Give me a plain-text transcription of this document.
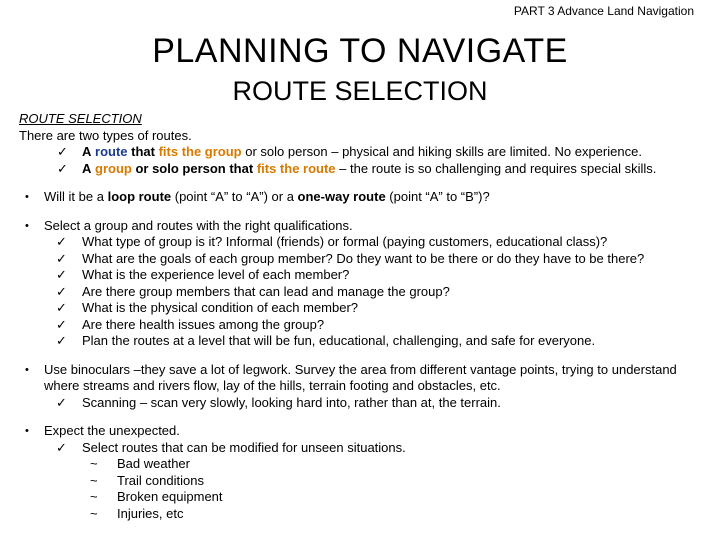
PART 3 Advance Land Navigation
PLANNING TO NAVIGATE
ROUTE SELECTION
ROUTE SELECTION
There are two types of routes.
✓ A route that fits the group or solo person – physical and hiking skills are limited. No experience.
✓ A group or solo person that fits the route – the route is so challenging and requires special skills.
• Will it be a loop route (point “A” to “A”) or a one-way route (point “A” to “B”)?
• Select a group and routes with the right qualifications.
✓ What type of group is it? Informal (friends) or formal (paying customers, educational class)?
✓ What are the goals of each group member? Do they want to be there or do they have to be there?
✓ What is the experience level of each member?
✓ Are there group members that can lead and manage the group?
✓ What is the physical condition of each member?
✓ Are there health issues among the group?
✓ Plan the routes at a level that will be fun, educational, challenging, and safe for everyone.
• Use binoculars –they save a lot of legwork. Survey the area from different vantage points, trying to understand where streams and rivers flow, lay of the hills, terrain footing and obstacles, etc.
✓ Scanning – scan very slowly, looking hard into, rather than at, the terrain.
• Expect the unexpected.
✓ Select routes that can be modified for unseen situations.
~ Bad weather
~ Trail conditions
~ Broken equipment
~ Injuries, etc
